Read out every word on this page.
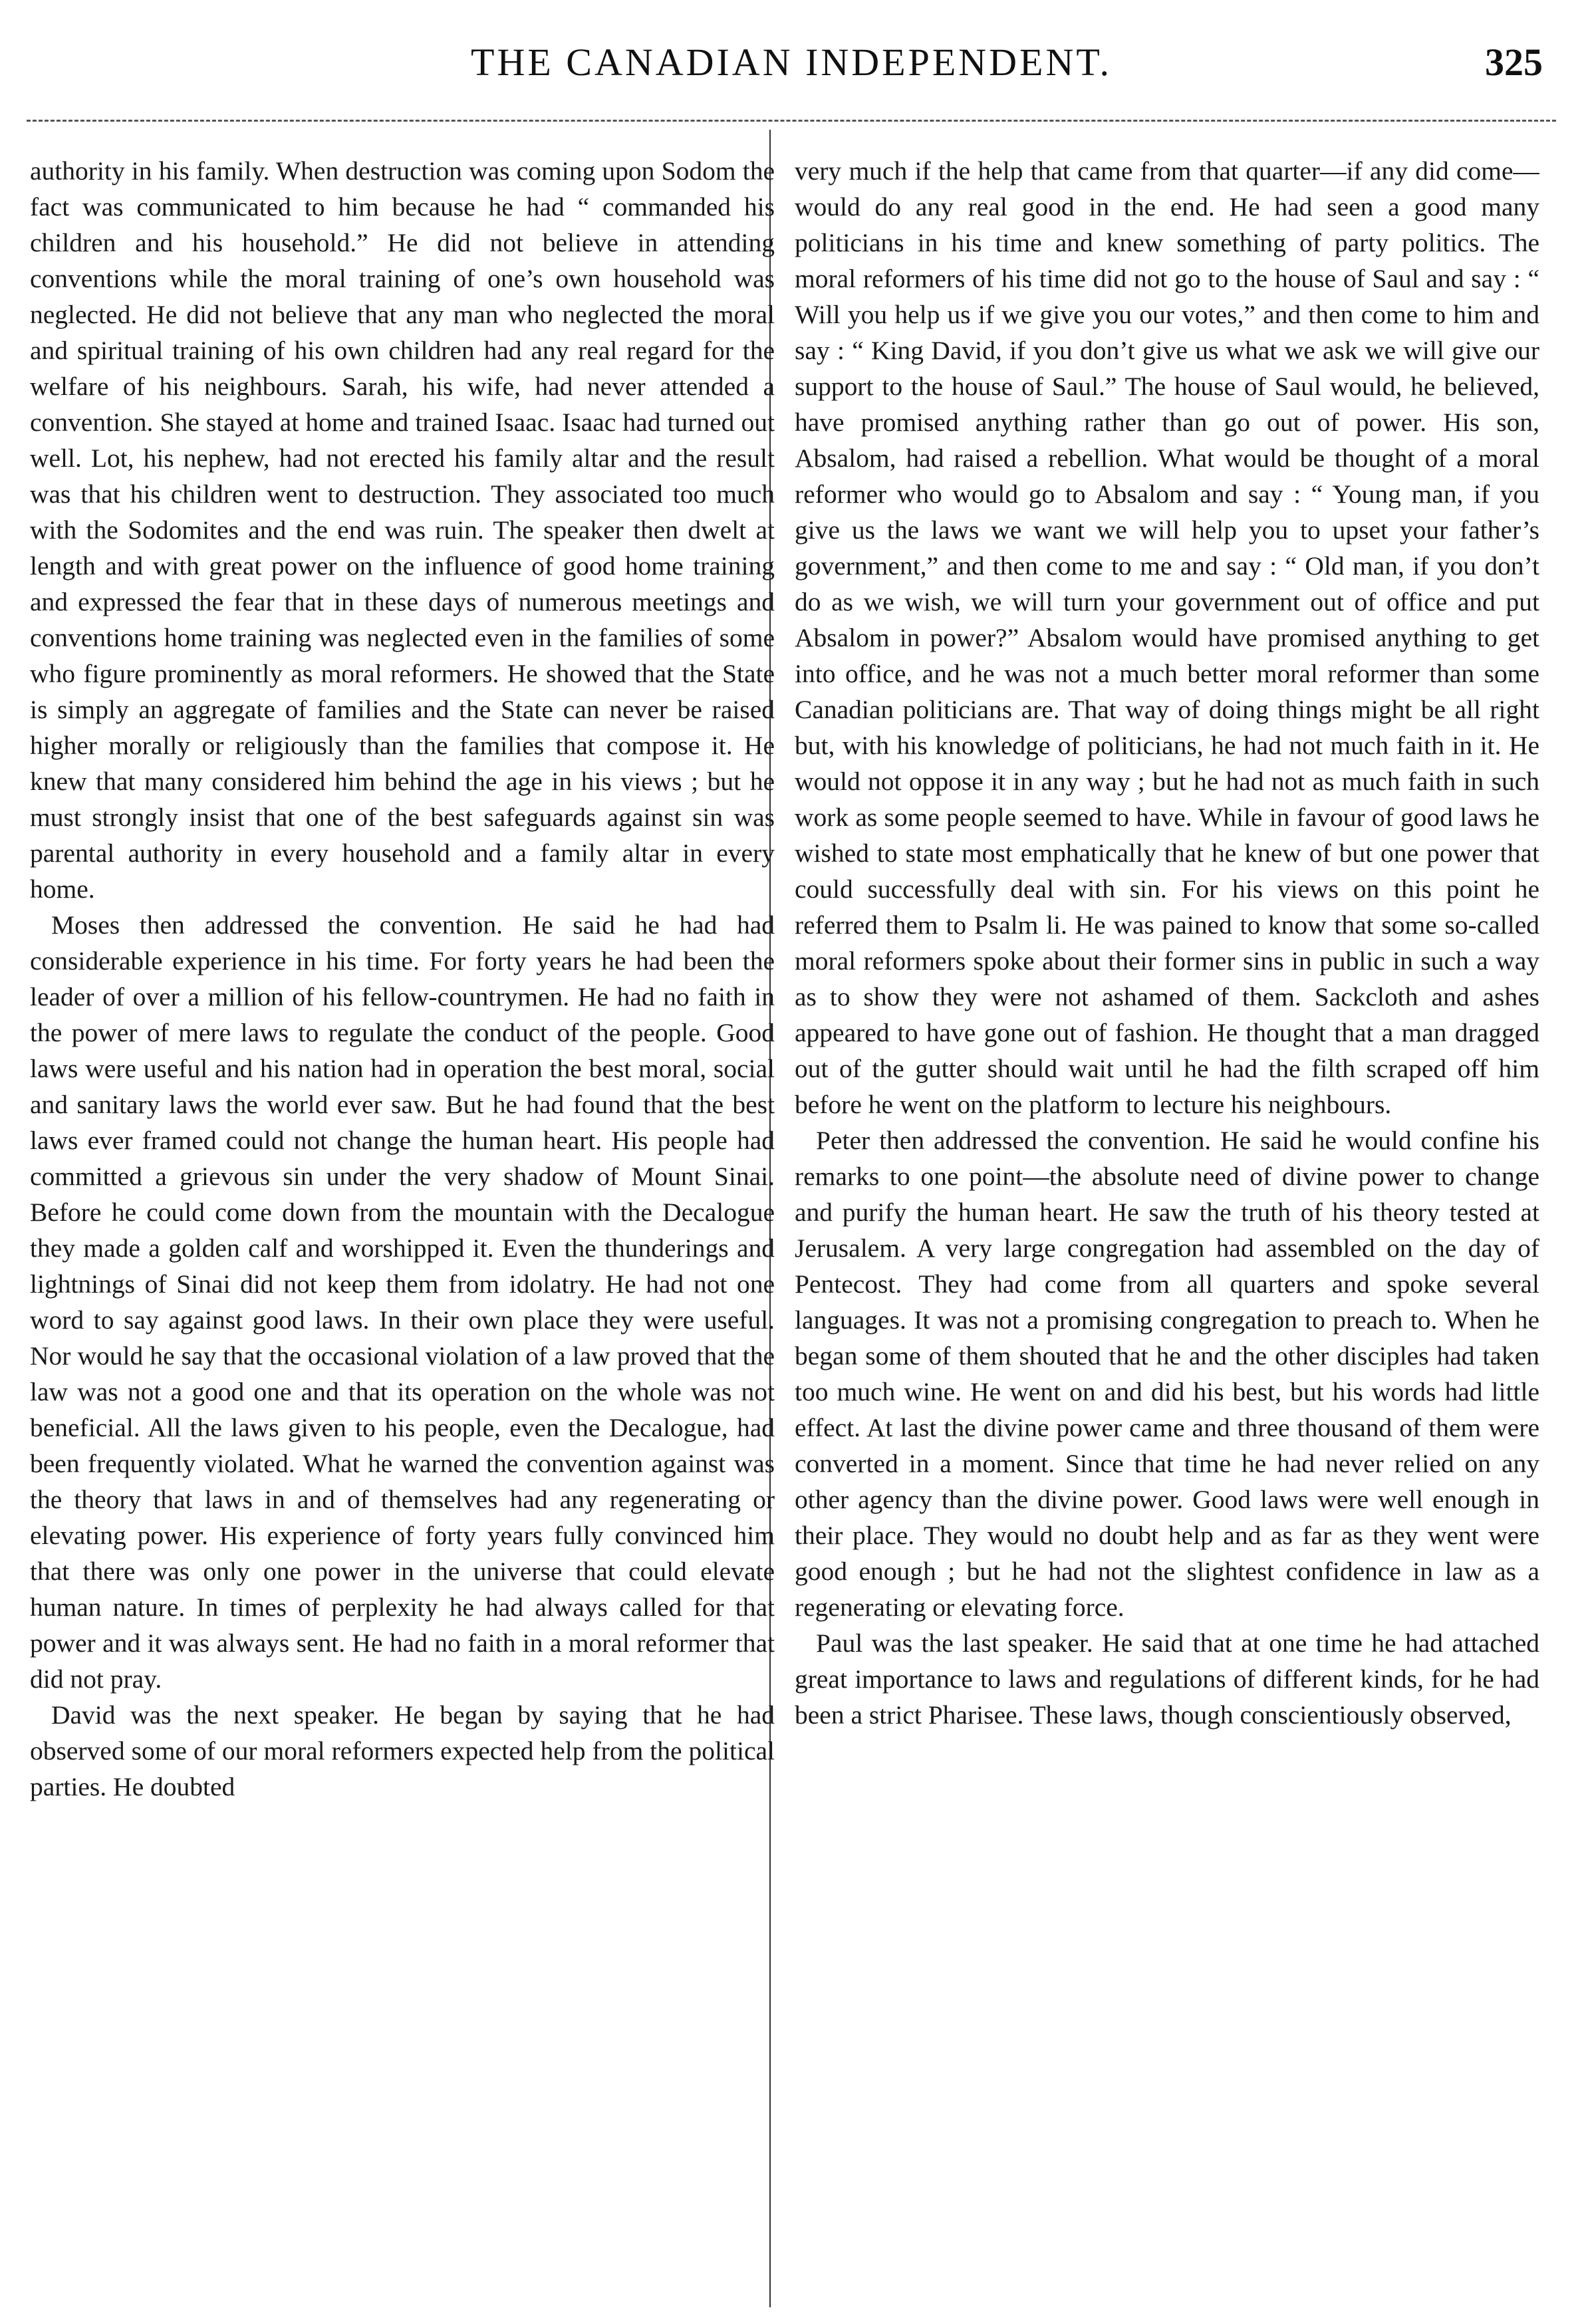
THE CANADIAN INDEPENDENT.	325

authority in his family. When destruction was coming upon Sodom the fact was communicated to him because he had “ commanded his children and his household.” He did not believe in attending conventions while the moral training of one’s own household was neglected. He did not believe that any man who neglected the moral and spiritual training of his own children had any real regard for the welfare of his neighbours. Sarah, his wife, had never attended a convention. She stayed at home and trained Isaac. Isaac had turned out well. Lot, his nephew, had not erected his family altar and the result was that his children went to destruction. They associated too much with the Sodomites and the end was ruin. The speaker then dwelt at length and with great power on the influence of good home training and expressed the fear that in these days of numerous meetings and conventions home training was neglected even in the families of some who figure prominently as moral reformers. He showed that the State is simply an aggregate of families and the State can never be raised higher morally or religiously than the families that compose it. He knew that many considered him behind the age in his views ; but he must strongly insist that one of the best safeguards against sin was parental authority in every household and a family altar in every home.

Moses then addressed the convention. He said he had had considerable experience in his time. For forty years he had been the leader of over a million of his fellow-countrymen. He had no faith in the power of mere laws to regulate the conduct of the people. Good laws were useful and his nation had in operation the best moral, social and sanitary laws the world ever saw. But he had found that the best laws ever framed could not change the human heart. His people had committed a grievous sin under the very shadow of Mount Sinai. Before he could come down from the mountain with the Decalogue they made a golden calf and worshipped it. Even the thunderings and lightnings of Sinai did not keep them from idolatry. He had not one word to say against good laws. In their own place they were useful. Nor would he say that the occasional violation of a law proved that the law was not a good one and that its operation on the whole was not beneficial. All the laws given to his people, even the Decalogue, had been frequently violated. What he warned the convention against was the theory that laws in and of themselves had any regenerating or elevating power. His experience of forty years fully convinced him that there was only one power in the universe that could elevate human nature. In times of perplexity he had always called for that power and it was always sent. He had no faith in a moral reformer that did not pray.

David was the next speaker. He began by saying that he had observed some of our moral reformers expected help from the political parties. He doubted

very much if the help that came from that quarter—if any did come—would do any real good in the end. He had seen a good many politicians in his time and knew something of party politics. The moral reformers of his time did not go to the house of Saul and say : “ Will you help us if we give you our votes,” and then come to him and say : “ King David, if you don’t give us what we ask we will give our support to the house of Saul.” The house of Saul would, he believed, have promised anything rather than go out of power. His son, Absalom, had raised a rebellion. What would be thought of a moral reformer who would go to Absalom and say : “ Young man, if you give us the laws we want we will help you to upset your father’s government,” and then come to me and say : “ Old man, if you don’t do as we wish, we will turn your government out of office and put Absalom in power?” Absalom would have promised anything to get into office, and he was not a much better moral reformer than some Canadian politicians are. That way of doing things might be all right but, with his knowledge of politicians, he had not much faith in it. He would not oppose it in any way ; but he had not as much faith in such work as some people seemed to have. While in favour of good laws he wished to state most emphatically that he knew of but one power that could successfully deal with sin. For his views on this point he referred them to Psalm li. He was pained to know that some so-called moral reformers spoke about their former sins in public in such a way as to show they were not ashamed of them. Sackcloth and ashes appeared to have gone out of fashion. He thought that a man dragged out of the gutter should wait until he had the filth scraped off him before he went on the platform to lecture his neighbours.

Peter then addressed the convention. He said he would confine his remarks to one point—the absolute need of divine power to change and purify the human heart. He saw the truth of his theory tested at Jerusalem. A very large congregation had assembled on the day of Pentecost. They had come from all quarters and spoke several languages. It was not a promising congregation to preach to. When he began some of them shouted that he and the other disciples had taken too much wine. He went on and did his best, but his words had little effect. At last the divine power came and three thousand of them were converted in a moment. Since that time he had never relied on any other agency than the divine power. Good laws were well enough in their place. They would no doubt help and as far as they went were good enough ; but he had not the slightest confidence in law as a regenerating or elevating force.

Paul was the last speaker. He said that at one time he had attached great importance to laws and regulations of different kinds, for he had been a strict Pharisee. These laws, though conscientiously observed,
